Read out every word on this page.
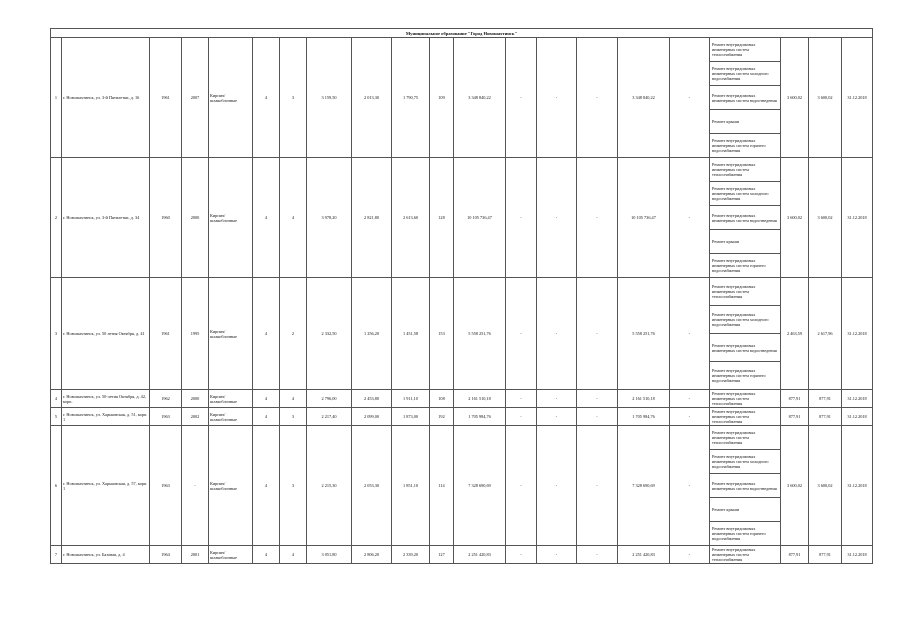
Муниципальное образование "Город Новошахтинск"																				
1	г. Новошахтинск, ул. 3-й Пятилетки, д. 16	1961	2007	Кирпич/ шлакоблочные	4	3	3 159,50	2 013,30	1 790,75	109	3 348 840,22	-	-	-	3 348 840,22	-	Ремонт внутридомовых инженерных систем теплоснабжения	3 600,02	3 600,02	31.12.2018
																	Ремонт внутридомовых инженерных систем холодного водоснабжения			
																	Ремонт внутридомовых инженерных систем водоотведения			
																	Ремонт крыши			
																	Ремонт внутридомовых инженерных систем горячего водоснабжения			
2	г. Новошахтинск, ул. 3-й Пятилетки, д. 34	1960	2000	Кирпич/ шлакоблочные	4	4	3 978,20	2 821,80	2 613,60	128	10 105 736,47	-	-	-	10 105 736,47	-	Ремонт внутридомовых инженерных систем теплоснабжения	3 600,02	3 600,02	31.12.2018
																	Ремонт внутридомовых инженерных систем холодного водоснабжения			
																	Ремонт внутридомовых инженерных систем водоотведения			
																	Ремонт крыши			
																	Ремонт внутридомовых инженерных систем горячего водоснабжения			
3	г. Новошахтинск, ул. 50 летия Октября, д. 41	1961	1995	Кирпич/ шлакоблочные	4	2	2 332,50	1 256,20	1 451,58	153	5 558 251,76	-	-	-	5 558 251,76	-	Ремонт внутридомовых инженерных систем теплоснабжения	2 463,59	2 617,96	31.12.2018
																	Ремонт внутридомовых инженерных систем холодного водоснабжения			
																	Ремонт внутридомовых инженерных систем водоотведения			
																	Ремонт внутридомовых инженерных систем горячего водоснабжения			
4	г. Новошахтинск, ул. 50-летия Октября, д. 42, корп.	1962	2000	Кирпич/ шлакоблочные	4	4	2 796,00	2 453,80	1 911,10	108	2 161 510,18	-	-	-	2 161 510,18	-	Ремонт внутридомовых инженерных систем теплоснабжения	877,91	877,91	31.12.2018
5	г. Новошахтинск, ул. Харьковская, д. 51, корп. 1	1963	2002	Кирпич/ шлакоблочные	4	3	2 217,40	2 099,00	1 873,00	192	1 705 984,76	-	-	-	1 705 984,76	-	Ремонт внутридомовых инженерных систем теплоснабжения	877,91	877,91	31.12.2018
6	г. Новошахтинск, ул. Харьковская, д. 57, корп. 1	1963	-	Кирпич/ шлакоблочные	4	3	2 215,30	2 053,30	1 851,10	114	7 328 690,69	-	-	-	7 328 690,69	-	Ремонт внутридомовых инженерных систем теплоснабжения	3 600,02	3 600,02	31.12.2018
																	Ремонт внутридомовых инженерных систем холодного водоснабжения			
																	Ремонт внутридомовых инженерных систем водоотведения			
																	Ремонт крыши			
																	Ремонт внутридомовых инженерных систем горячего водоснабжения			
7	г. Новошахтинск, ул. Базовая, д. 4	1964	2001	Кирпич/ шлакоблочные	4	4	3 051,80	2 806,20	2 339,20	127	2 251 420,83	-	-	-	2 251 420,83	-	Ремонт внутридомовых инженерных систем теплоснабжения	877,91	877,91	31.12.2018
